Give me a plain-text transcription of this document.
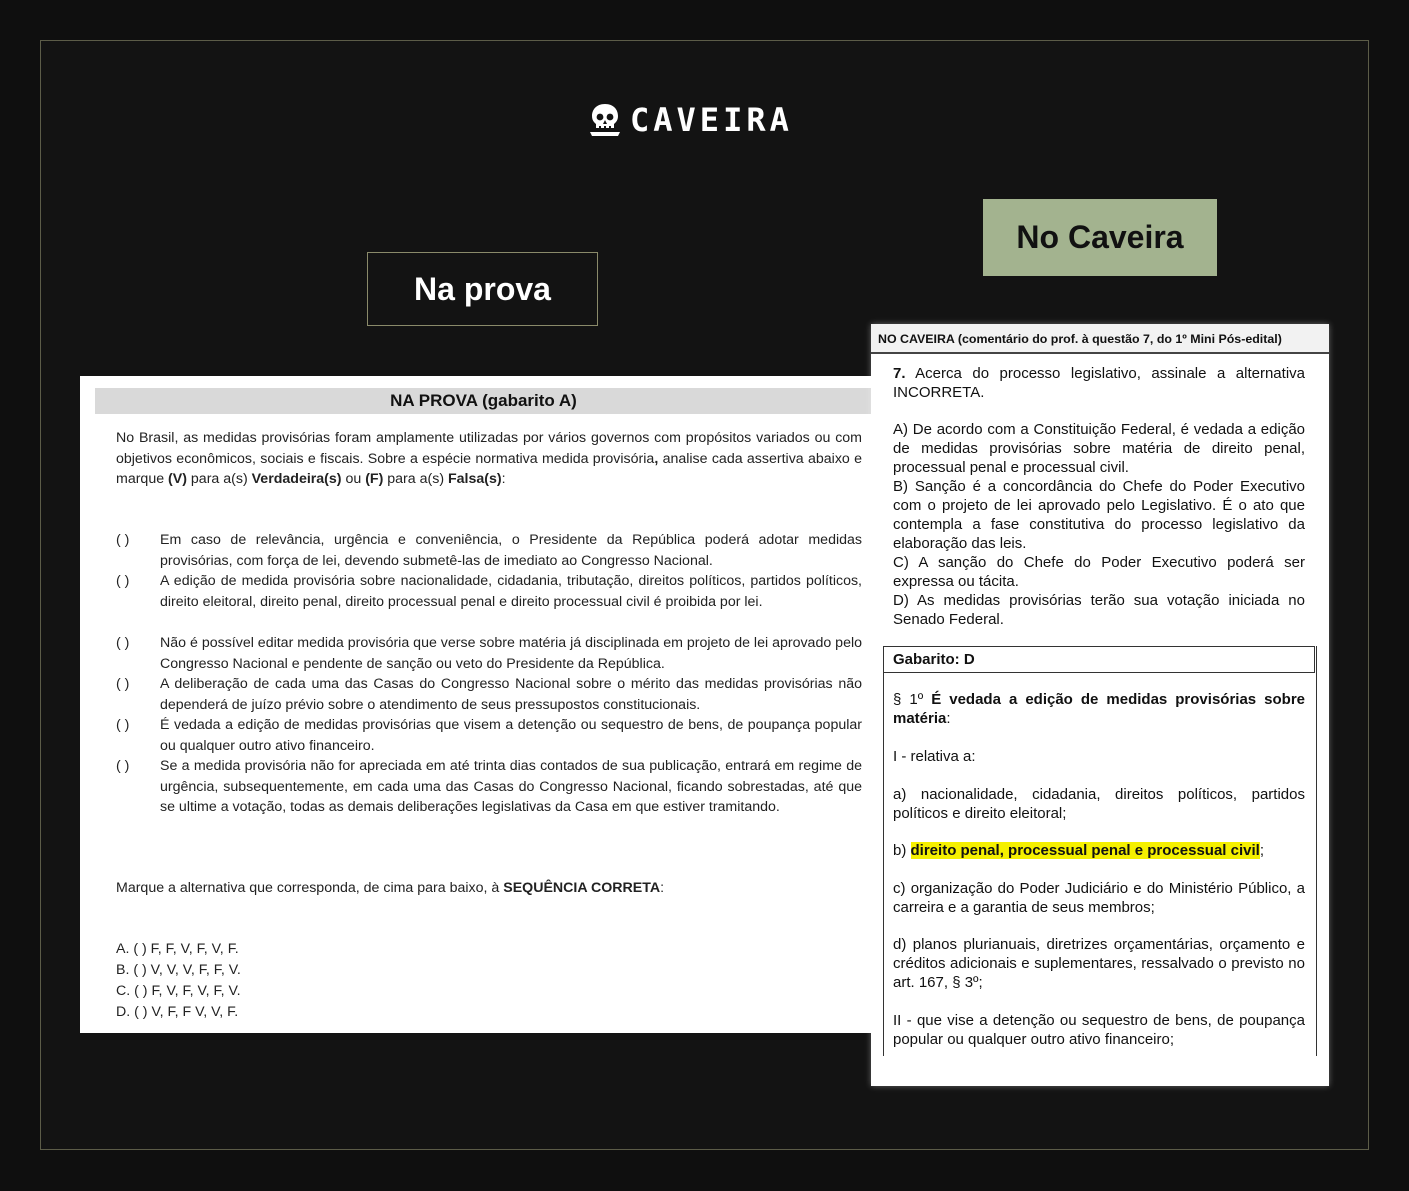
CAVEIRA
Na prova
No Caveira
NA PROVA (gabarito A)
No Brasil, as medidas provisórias foram amplamente utilizadas por vários governos com propósitos variados ou com objetivos econômicos, sociais e fiscais. Sobre a espécie normativa medida provisória, analise cada assertiva abaixo e marque (V) para a(s) Verdadeira(s) ou (F) para a(s) Falsa(s):
( )	Em caso de relevância, urgência e conveniência, o Presidente da República poderá adotar medidas provisórias, com força de lei, devendo submetê-las de imediato ao Congresso Nacional.
( )	A edição de medida provisória sobre nacionalidade, cidadania, tributação, direitos políticos, partidos políticos, direito eleitoral, direito penal, direito processual penal e direito processual civil é proibida por lei.
( )	Não é possível editar medida provisória que verse sobre matéria já disciplinada em projeto de lei aprovado pelo Congresso Nacional e pendente de sanção ou veto do Presidente da República.
( )	A deliberação de cada uma das Casas do Congresso Nacional sobre o mérito das medidas provisórias não dependerá de juízo prévio sobre o atendimento de seus pressupostos constitucionais.
( )	É vedada a edição de medidas provisórias que visem a detenção ou sequestro de bens, de poupança popular ou qualquer outro ativo financeiro.
( )	Se a medida provisória não for apreciada em até trinta dias contados de sua publicação, entrará em regime de urgência, subsequentemente, em cada uma das Casas do Congresso Nacional, ficando sobrestadas, até que se ultime a votação, todas as demais deliberações legislativas da Casa em que estiver tramitando.
Marque a alternativa que corresponda, de cima para baixo, à SEQUÊNCIA CORRETA:
A. ( ) F, F, V, F, V, F.
B. ( ) V, V, V, F, F, V.
C. ( ) F, V, F, V, F, V.
D. ( ) V, F, F V, V, F.
NO CAVEIRA (comentário do prof. à questão 7, do 1º Mini Pós-edital)
7. Acerca do processo legislativo, assinale a alternativa INCORRETA.
A) De acordo com a Constituição Federal, é vedada a edição de medidas provisórias sobre matéria de direito penal, processual penal e processual civil.
B) Sanção é a concordância do Chefe do Poder Executivo com o projeto de lei aprovado pelo Legislativo. É o ato que contempla a fase constitutiva do processo legislativo da elaboração das leis.
C) A sanção do Chefe do Poder Executivo poderá ser expressa ou tácita.
D) As medidas provisórias terão sua votação iniciada no Senado Federal.
Gabarito: D
§ 1º É vedada a edição de medidas provisórias sobre matéria:
I - relativa a:
a) nacionalidade, cidadania, direitos políticos, partidos políticos e direito eleitoral;
b) direito penal, processual penal e processual civil;
c) organização do Poder Judiciário e do Ministério Público, a carreira e a garantia de seus membros;
d) planos plurianuais, diretrizes orçamentárias, orçamento e créditos adicionais e suplementares, ressalvado o previsto no art. 167, § 3º;
II - que vise a detenção ou sequestro de bens, de poupança popular ou qualquer outro ativo financeiro;
